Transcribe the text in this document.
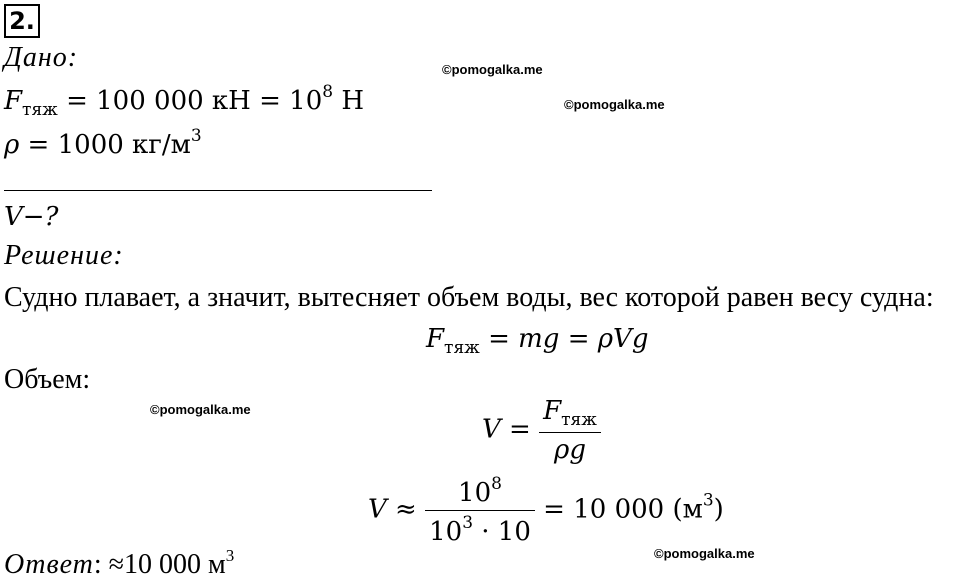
2.
Дано:
$F_{тяж} = 100$ 000 кН = $10^8$ Н
ρ = 1000 $кг/м^3$
V−?
Решение:
Судно плавает, а значит, вытесняет объем воды, вес которой равен весу судна:
$F_{тяж}$ = mg = ρVg
Объем:
$V = \frac{F_{тяж}}{\rho g}$
$V \approx \frac{10^8}{10^3 \cdot 10} = 10$ 000 $(м^3)$
Ответ: ≈10 000 $м^3$
©pomogalka.me
©pomogalka.me
©pomogalka.me
©pomogalka.me
